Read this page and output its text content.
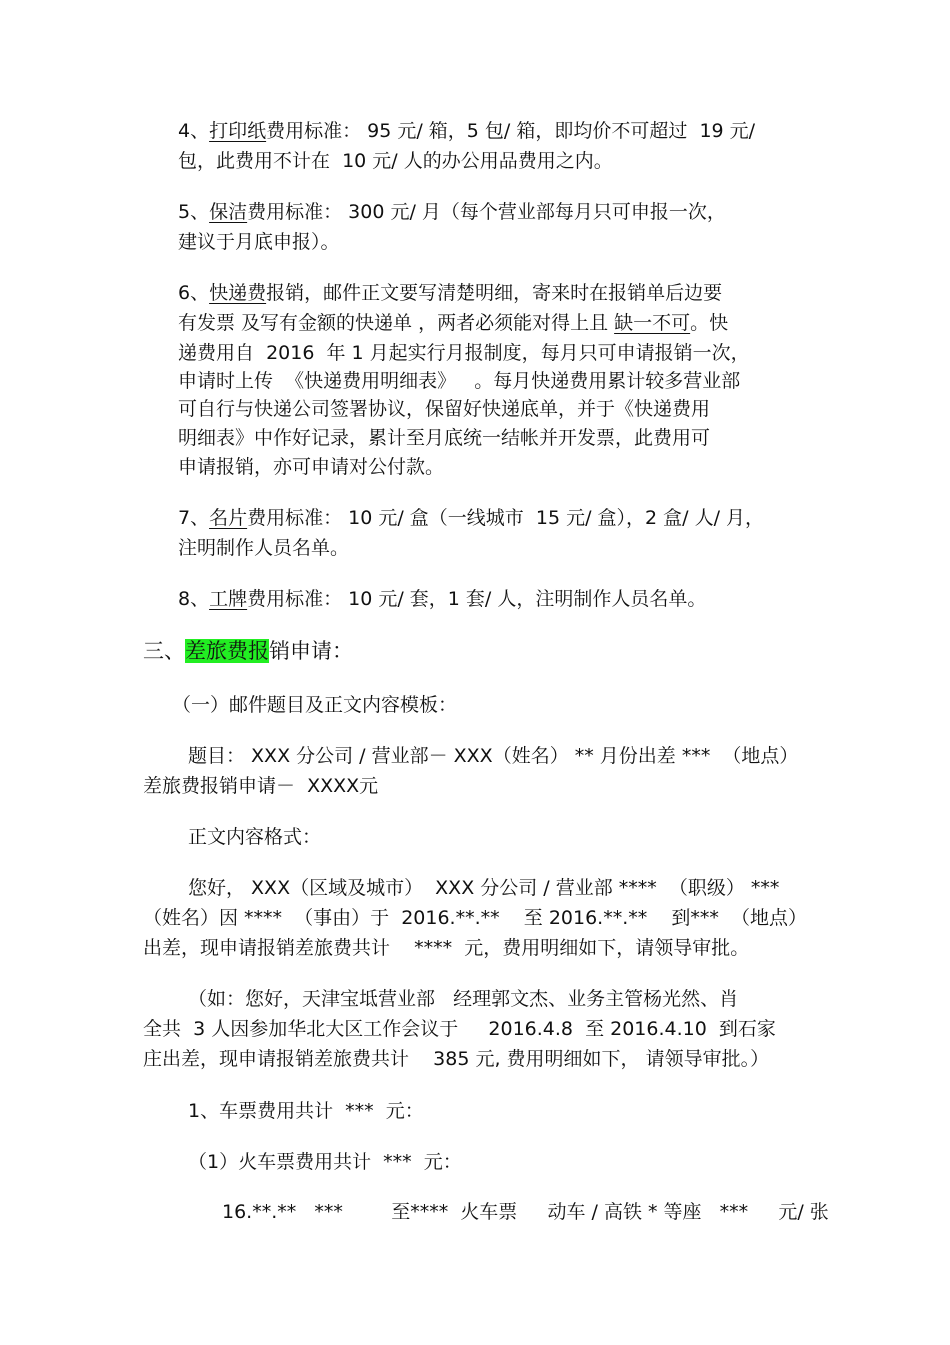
4、打印纸费用标准： 95 元/ 箱，5 包/ 箱，即均价不可超过  19 元/
包，此费用不计在  10 元/ 人的办公用品费用之内。
5、保洁费用标准： 300 元/ 月（每个营业部每月只可申报一次，
建议于月底申报）。
6、快递费报销，邮件正文要写清楚明细，寄来时在报销单后边要
有发票 及写有金额的快递单 ，两者必须能对得上且 缺一不可。快
递费用自  2016  年 1 月起实行月报制度，每月只可申请报销一次，
申请时上传  《快递费用明细表》   。每月快递费用累计较多营业部
可自行与快递公司签署协议，保留好快递底单，并于《快递费用
明细表》中作好记录，累计至月底统一结帐并开发票，此费用可
申请报销，亦可申请对公付款。
7、名片费用标准： 10 元/ 盒（一线城市  15 元/ 盒），2 盒/ 人/ 月，
注明制作人员名单。
8、工牌费用标准： 10 元/ 套，1 套/ 人，注明制作人员名单。
三、差旅费报销申请：
（一）邮件题目及正文内容模板：
题目： XXX 分公司 / 营业部－ XXX（姓名） ** 月份出差 ***  （地点）
差旅费报销申请－  XXXX元
正文内容格式：
您好， XXX（区域及城市）  XXX 分公司 / 营业部 ****  （职级） ***
（姓名）因 ****  （事由）于  2016.**.**    至 2016.**.**    到***  （地点）
出差，现申请报销差旅费共计    ****  元，费用明细如下，请领导审批。
（如：您好，天津宝坻营业部   经理郭文杰、业务主管杨光然、肖
全共  3 人因参加华北大区工作会议于     2016.4.8  至 2016.4.10  到石家
庄出差，现申请报销差旅费共计    385 元, 费用明细如下， 请领导审批。）
1、车票费用共计  ***  元：
（1）火车票费用共计  ***  元：
16.**.**   ***        至****  火车票     动车 / 高铁 * 等座   ***     元/ 张
